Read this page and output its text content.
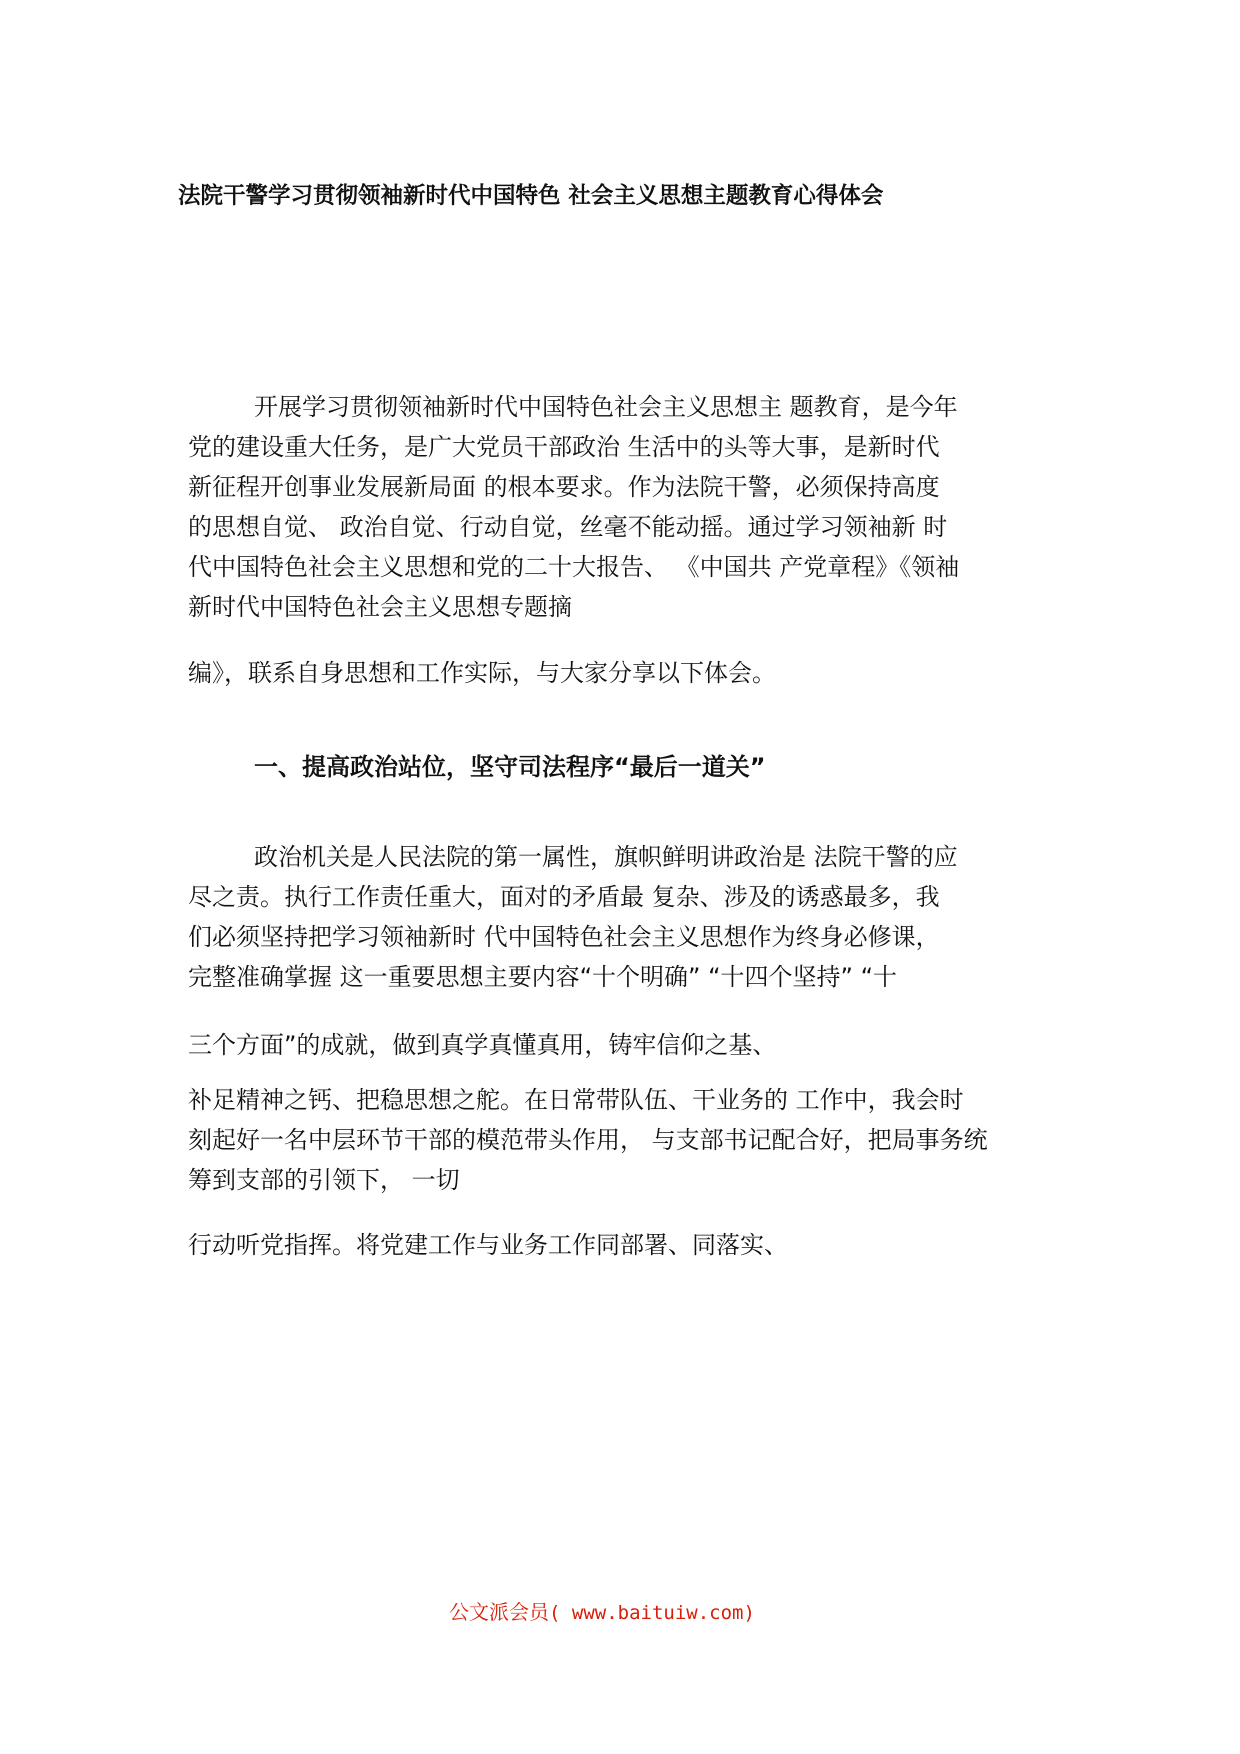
法院干警学习贯彻领袖新时代中国特色 社会主义思想主题教育心得体会
开展学习贯彻领袖新时代中国特色社会主义思想主 题教育，是今年
党的建设重大任务，是广大党员干部政治 生活中的头等大事，是新时代
新征程开创事业发展新局面 的根本要求。作为法院干警，必须保持高度
的思想自觉、 政治自觉、行动自觉，丝毫不能动摇。通过学习领袖新 时
代中国特色社会主义思想和党的二十大报告、 《中国共 产党章程》《领袖
新时代中国特色社会主义思想专题摘
编》，联系自身思想和工作实际，与大家分享以下体会。
一、提高政治站位，坚守司法程序“最后一道关”
政治机关是人民法院的第一属性，旗帜鲜明讲政治是 法院干警的应
尽之责。执行工作责任重大，面对的矛盾最 复杂、涉及的诱惑最多，我
们必须坚持把学习领袖新时 代中国特色社会主义思想作为终身必修课，
完整准确掌握 这一重要思想主要内容“十个明确” “十四个坚持” “十
三个方面”的成就，做到真学真懂真用，铸牢信仰之基、
补足精神之钙、把稳思想之舵。在日常带队伍、干业务的 工作中，我会时
刻起好一名中层环节干部的模范带头作用， 与支部书记配合好，把局事务统
筹到支部的引领下， 一切
行动听党指挥。将党建工作与业务工作同部署、同落实、
公文派会员( www.baituiw.com)
